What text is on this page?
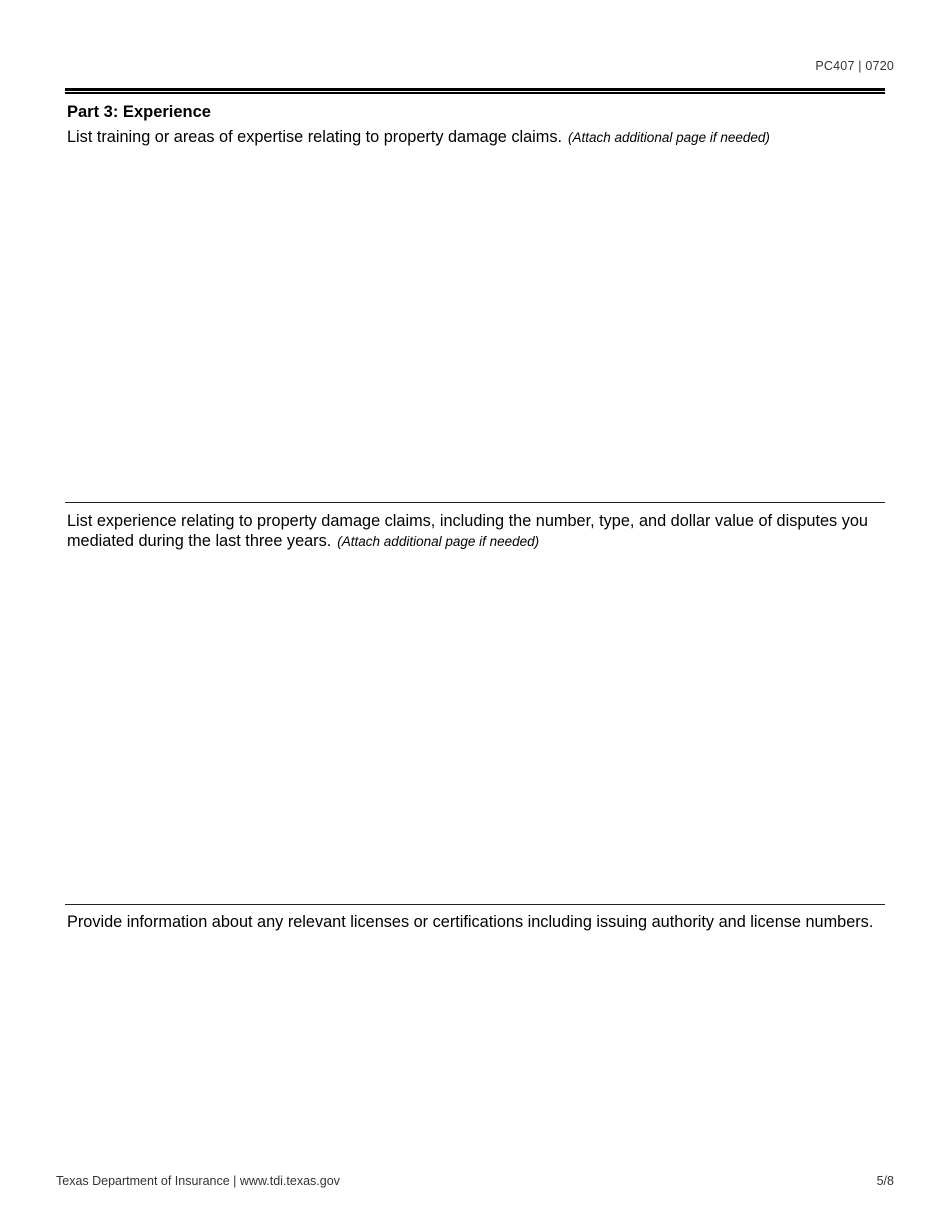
PC407 | 0720
Part 3: Experience
List training or areas of expertise relating to property damage claims. (Attach additional page if needed)
List experience relating to property damage claims, including the number, type, and dollar value of disputes you mediated during the last three years. (Attach additional page if needed)
Provide information about any relevant licenses or certifications including issuing authority and license numbers.
Texas Department of Insurance | www.tdi.texas.gov	5/8
